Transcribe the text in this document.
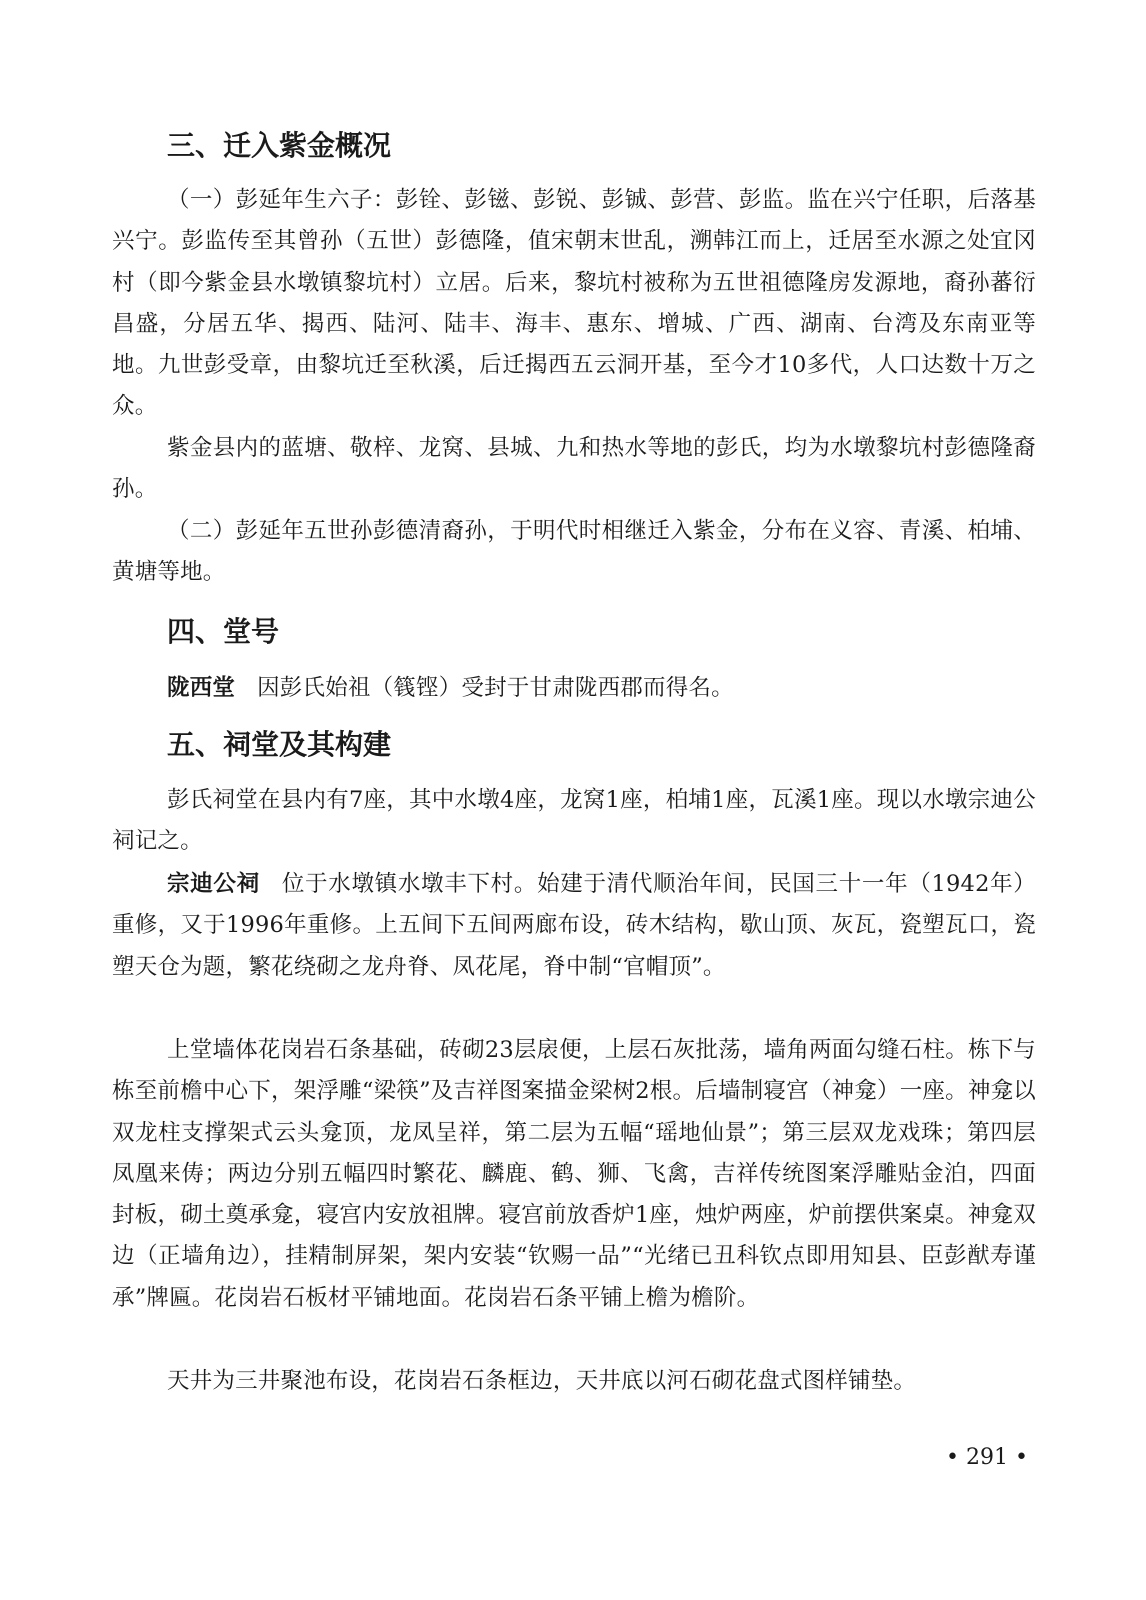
三、迁入紫金概况

（一）彭延年生六子：彭铨、彭镃、彭锐、彭铖、彭营、彭监。监在兴宁任职，后落基兴宁。彭监传至其曾孙（五世）彭德隆，值宋朝末世乱，溯韩江而上，迁居至水源之处宜冈村（即今紫金县水墩镇黎坑村）立居。后来，黎坑村被称为五世祖德隆房发源地，裔孙蕃衍昌盛，分居五华、揭西、陆河、陆丰、海丰、惠东、增城、广西、湖南、台湾及东南亚等地。九世彭受章，由黎坑迁至秋溪，后迁揭西五云洞开基，至今才10多代，人口达数十万之众。

紫金县内的蓝塘、敬梓、龙窝、县城、九和热水等地的彭氏，均为水墩黎坑村彭德隆裔孙。

（二）彭延年五世孙彭德清裔孙，于明代时相继迁入紫金，分布在义容、青溪、柏埔、黄塘等地。

四、堂号

陇西堂 因彭氏始祖（篯铿）受封于甘肃陇西郡而得名。

五、祠堂及其构建

彭氏祠堂在县内有7座，其中水墩4座，龙窝1座，柏埔1座，瓦溪1座。现以水墩宗迪公祠记之。

宗迪公祠 位于水墩镇水墩丰下村。始建于清代顺治年间，民国三十一年（1942年）重修，又于1996年重修。上五间下五间两廊布设，砖木结构，歇山顶、灰瓦，瓷塑瓦口，瓷塑天仓为题，繁花绕砌之龙舟脊、凤花尾，脊中制“官帽顶”。

上堂墙体花岗岩石条基础，砖砌23层扆便，上层石灰批荡，墙角两面勾缝石柱。栋下与栋至前檐中心下，架浮雕“梁筷”及吉祥图案描金梁树2根。后墙制寝宫（神龛）一座。神龛以双龙柱支撑架式云头龛顶，龙凤呈祥，第二层为五幅“瑶地仙景”；第三层双龙戏珠；第四层凤凰来俦；两边分别五幅四时繁花、麟鹿、鹤、狮、飞禽，吉祥传统图案浮雕贴金泊，四面封板，砌土奠承龛，寝宫内安放祖牌。寝宫前放香炉1座，烛炉两座，炉前摆供案桌。神龛双边（正墙角边），挂精制屏架，架内安装“钦赐一品”“光绪已丑科钦点即用知县、臣彭猷寿谨承”牌匾。花岗岩石板材平铺地面。花岗岩石条平铺上檐为檐阶。

天井为三井聚池布设，花岗岩石条框边，天井底以河石砌花盘式图样铺垫。

• 291 •
